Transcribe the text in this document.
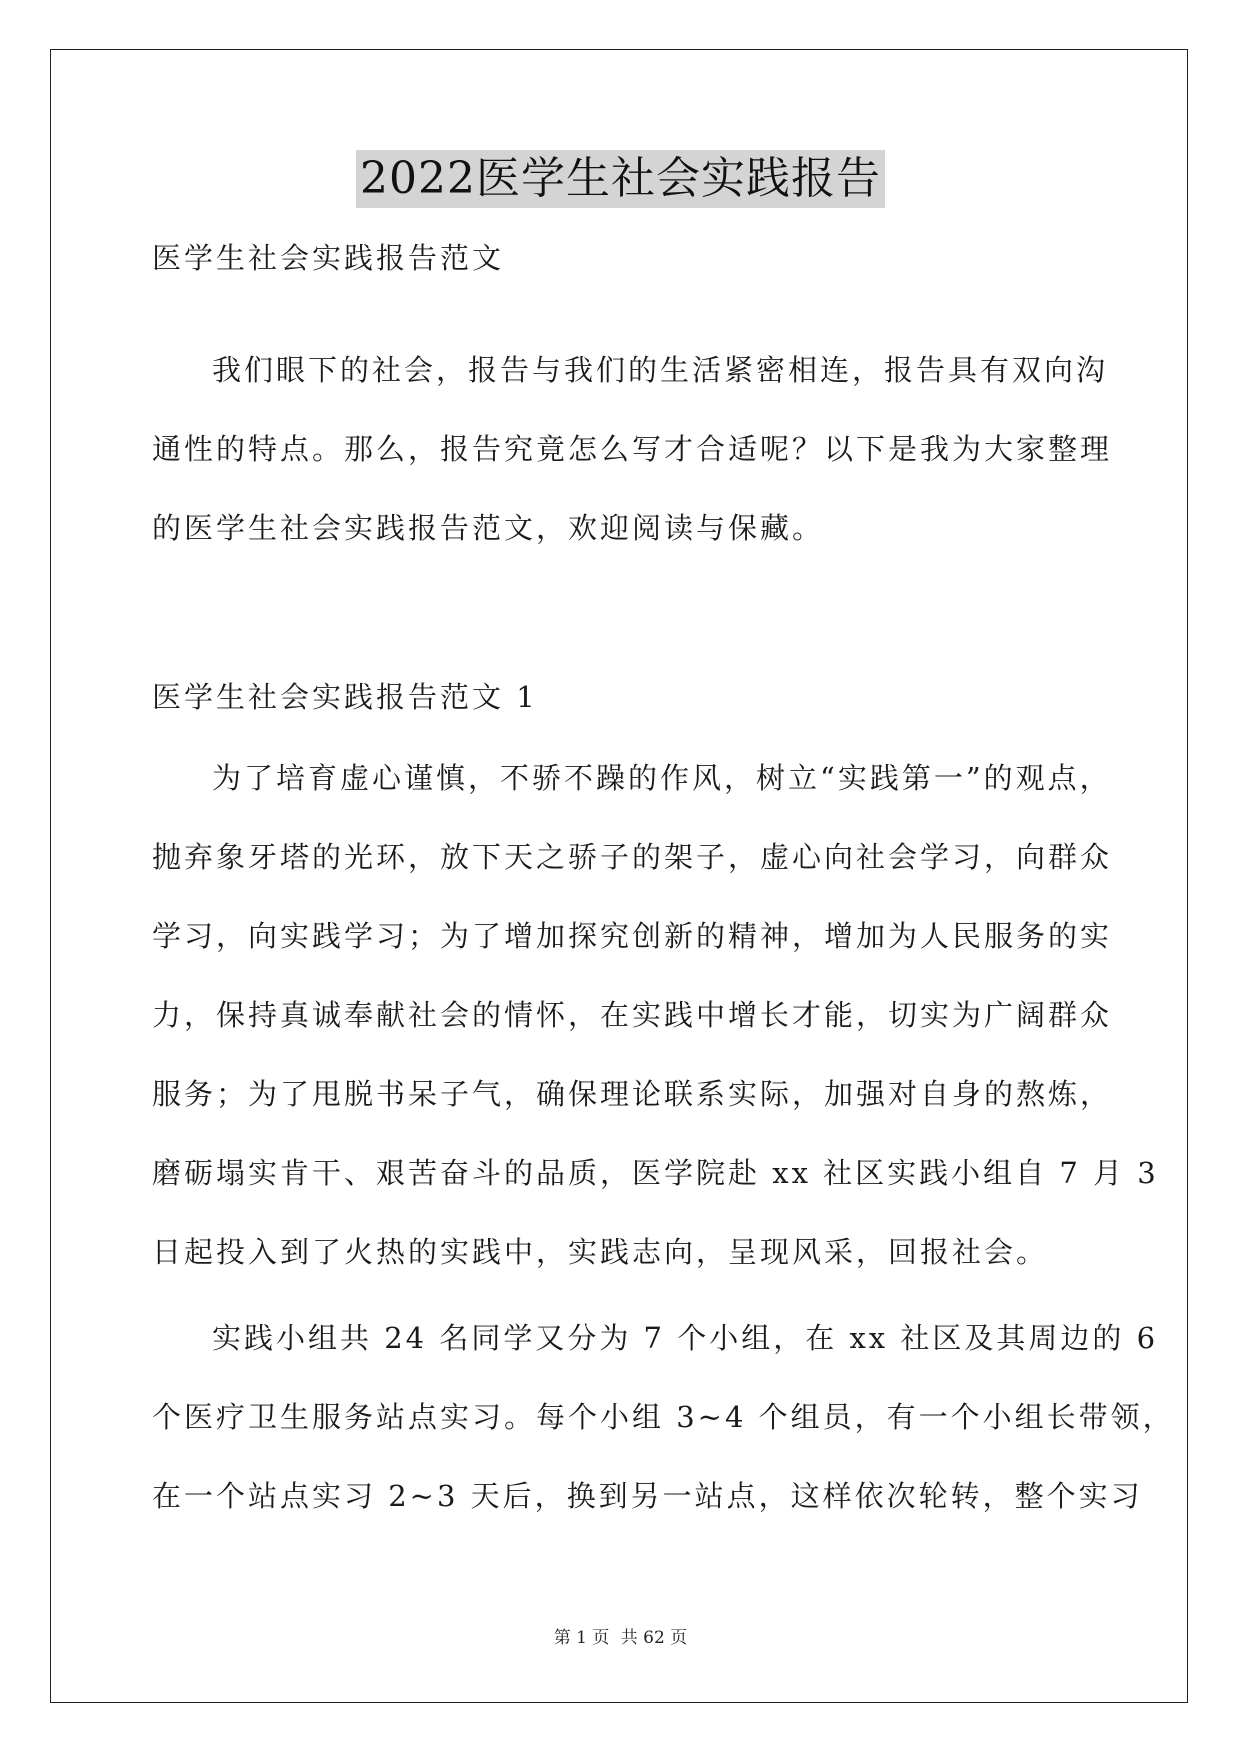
2022医学生社会实践报告
医学生社会实践报告范文
我们眼下的社会，报告与我们的生活紧密相连，报告具有双向沟
通性的特点。那么，报告究竟怎么写才合适呢？以下是我为大家整理
的医学生社会实践报告范文，欢迎阅读与保藏。
医学生社会实践报告范文 1
为了培育虚心谨慎，不骄不躁的作风，树立“实践第一”的观点，
抛弃象牙塔的光环，放下天之骄子的架子，虚心向社会学习，向群众
学习，向实践学习；为了增加探究创新的精神，增加为人民服务的实
力，保持真诚奉献社会的情怀，在实践中增长才能，切实为广阔群众
服务；为了甩脱书呆子气，确保理论联系实际，加强对自身的熬炼，
磨砺塌实肯干、艰苦奋斗的品质，医学院赴 xx 社区实践小组自 7 月 3
日起投入到了火热的实践中，实践志向，呈现风采，回报社会。
实践小组共 24 名同学又分为 7 个小组，在 xx 社区及其周边的 6
个医疗卫生服务站点实习。每个小组 3~4 个组员，有一个小组长带领，
在一个站点实习 2~3 天后，换到另一站点，这样依次轮转，整个实习
第 1 页 共 62 页
